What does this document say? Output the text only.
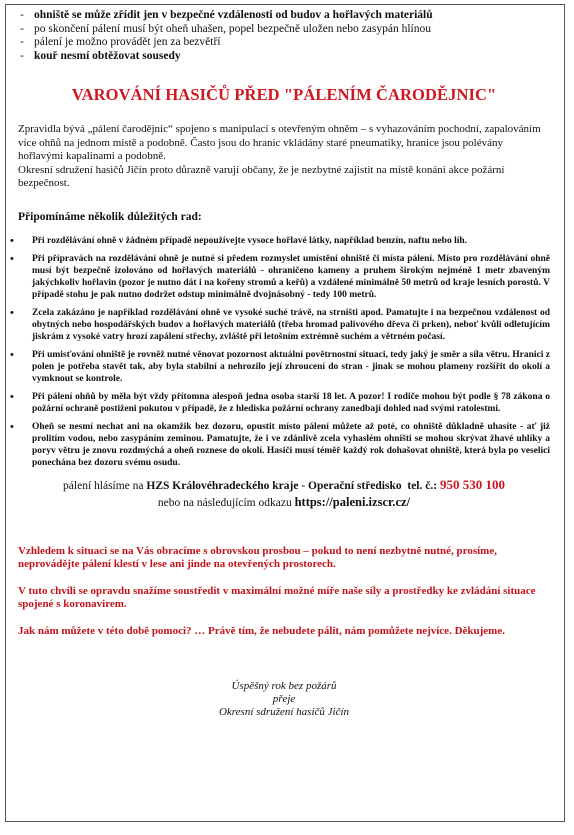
- ohniště se může zřídit jen v bezpečné vzdálenosti od budov a hořlavých materiálů
- po skončení pálení musí být oheň uhašen, popel bezpečně uložen nebo zasypán hlínou
- pálení je možno provádět jen za bezvětří
- kouř nesmí obtěžovat sousedy
VAROVÁNÍ HASIČŮ PŘED "PÁLENÍM ČARODĚJNIC"
Zpravidla bývá „pálení čarodějnic“ spojeno s manipulací s otevřeným ohněm – s vyhazováním pochodní, zapalováním více ohňů na jednom místě a podobně. Často jsou do hranic vkládány staré pneumatiky, hranice jsou polévány hořlavými kapalinami a podobně.
Okresní sdružení hasičů Jičín proto důrazně varují občany, že je nezbytné zajistit na místě konání akce požární bezpečnost.
Připomínáme několik důležitých rad:
• Při rozdělávání ohně v žádném případě nepoužívejte vysoce hořlavé látky, například benzín, naftu nebo líh.
• Při přípravách na rozdělávání ohně je nutné si předem rozmyslet umístění ohniště či místa pálení. Místo pro rozdělávání ohně musí být bezpečně izolováno od hořlavých materiálů - ohraničeno kameny a pruhem širokým nejméně 1 metr zbaveným jakýchkoliv hořlavin (pozor je nutno dát i na kořeny stromů a keřů) a vzdálené minimálně 50 metrů od kraje lesních porostů. V případě stohu je pak nutno dodržet odstup minimálně dvojnásobný - tedy 100 metrů.
• Zcela zakázáno je například rozdělávání ohně ve vysoké suché trávě, na strništi apod. Pamatujte i na bezpečnou vzdálenost od obytných nebo hospodářských budov a hořlavých materiálů (třeba hromad palivového dřeva či prken), neboť kvůli odletujícím jiskrám z vysoké vatry hrozí zapálení střechy, zvláště při letošním extrémně suchém a větrném počasí.
• Při umisťování ohniště je rovněž nutné věnovat pozornost aktuální povětrnostní situaci, tedy jaký je směr a síla větru. Hranici z polen je potřeba stavět tak, aby byla stabilní a nehrozilo její zhroucení do stran - jinak se mohou plameny rozšířit do okolí a vymknout se kontrole.
• Při pálení ohňů by měla být vždy přítomna alespoň jedna osoba starší 18 let. A pozor! I rodiče mohou být podle § 78 zákona o požární ochraně postiženi pokutou v případě, že z hlediska požární ochrany zanedbají dohled nad svými ratolestmi.
• Oheň se nesmí nechat ani na okamžik bez dozoru, opustit místo pálení můžete až poté, co ohniště důkladně uhasíte - ať již prolitím vodou, nebo zasypáním zeminou. Pamatujte, že i ve zdánlivě zcela vyhaslém ohništi se mohou skrývat žhavé uhlíky a poryv větru je znovu rozdmýchá a oheň roznese do okolí. Hasiči musí téměř každý rok dohašovat ohniště, která byla po veselici ponechána bez dozoru svému osudu.
pálení hlásíme na HZS Královéhradeckého kraje - Operační středisko tel. č.: 950 530 100
nebo na následujícím odkazu https://paleni.izscr.cz/

Vzhledem k situaci se na Vás obracíme s obrovskou prosbou – pokud to není nezbytně nutné, prosíme, neprovádějte pálení klestí v lese ani jinde na otevřených prostorech.

V tuto chvíli se opravdu snažíme soustředit v maximální možné míře naše síly a prostředky ke zvládání situace spojené s koronavirem.

Jak nám můžete v této době pomoci? … Právě tím, že nebudete pálit, nám pomůžete nejvíce. Děkujeme.

Úspěšný rok bez požárů
přeje
Okresní sdružení hasičů Jičín
